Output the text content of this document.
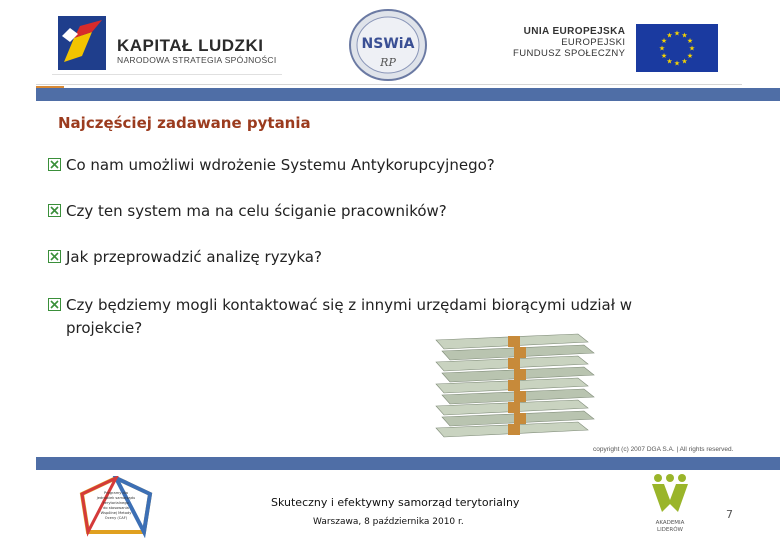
KAPITAŁ LUDZKI
NARODOWA STRATEGIA SPÓJNOŚCI
NSWiA
RP
UNIA EUROPEJSKA
EUROPEJSKI
FUNDUSZ SPOŁECZNY
★ ★
★
★
★
★
★
★
★
★
★
★
Najczęściej zadawane pytania
Co nam umożliwi wdrożenie Systemu Antykorupcyjnego?
Czy ten system ma na celu ściganie pracowników?
Jak przeprowadzić analizę ryzyka?
Czy będziemy mogli kontaktować się z innymi urzędami biorącymi udział w projekcie?
copyright (c) 2007 DGA S.A. | All rights reserved.
Programy dla
jednostek samorządu
terytorialnego
do stosowania
Wspólnej Metody
Oceny (CAF)
Skuteczny i efektywny samorząd terytorialny
Warszawa, 8 października 2010 r.	AKADEMIA
LIDERÓW
7
